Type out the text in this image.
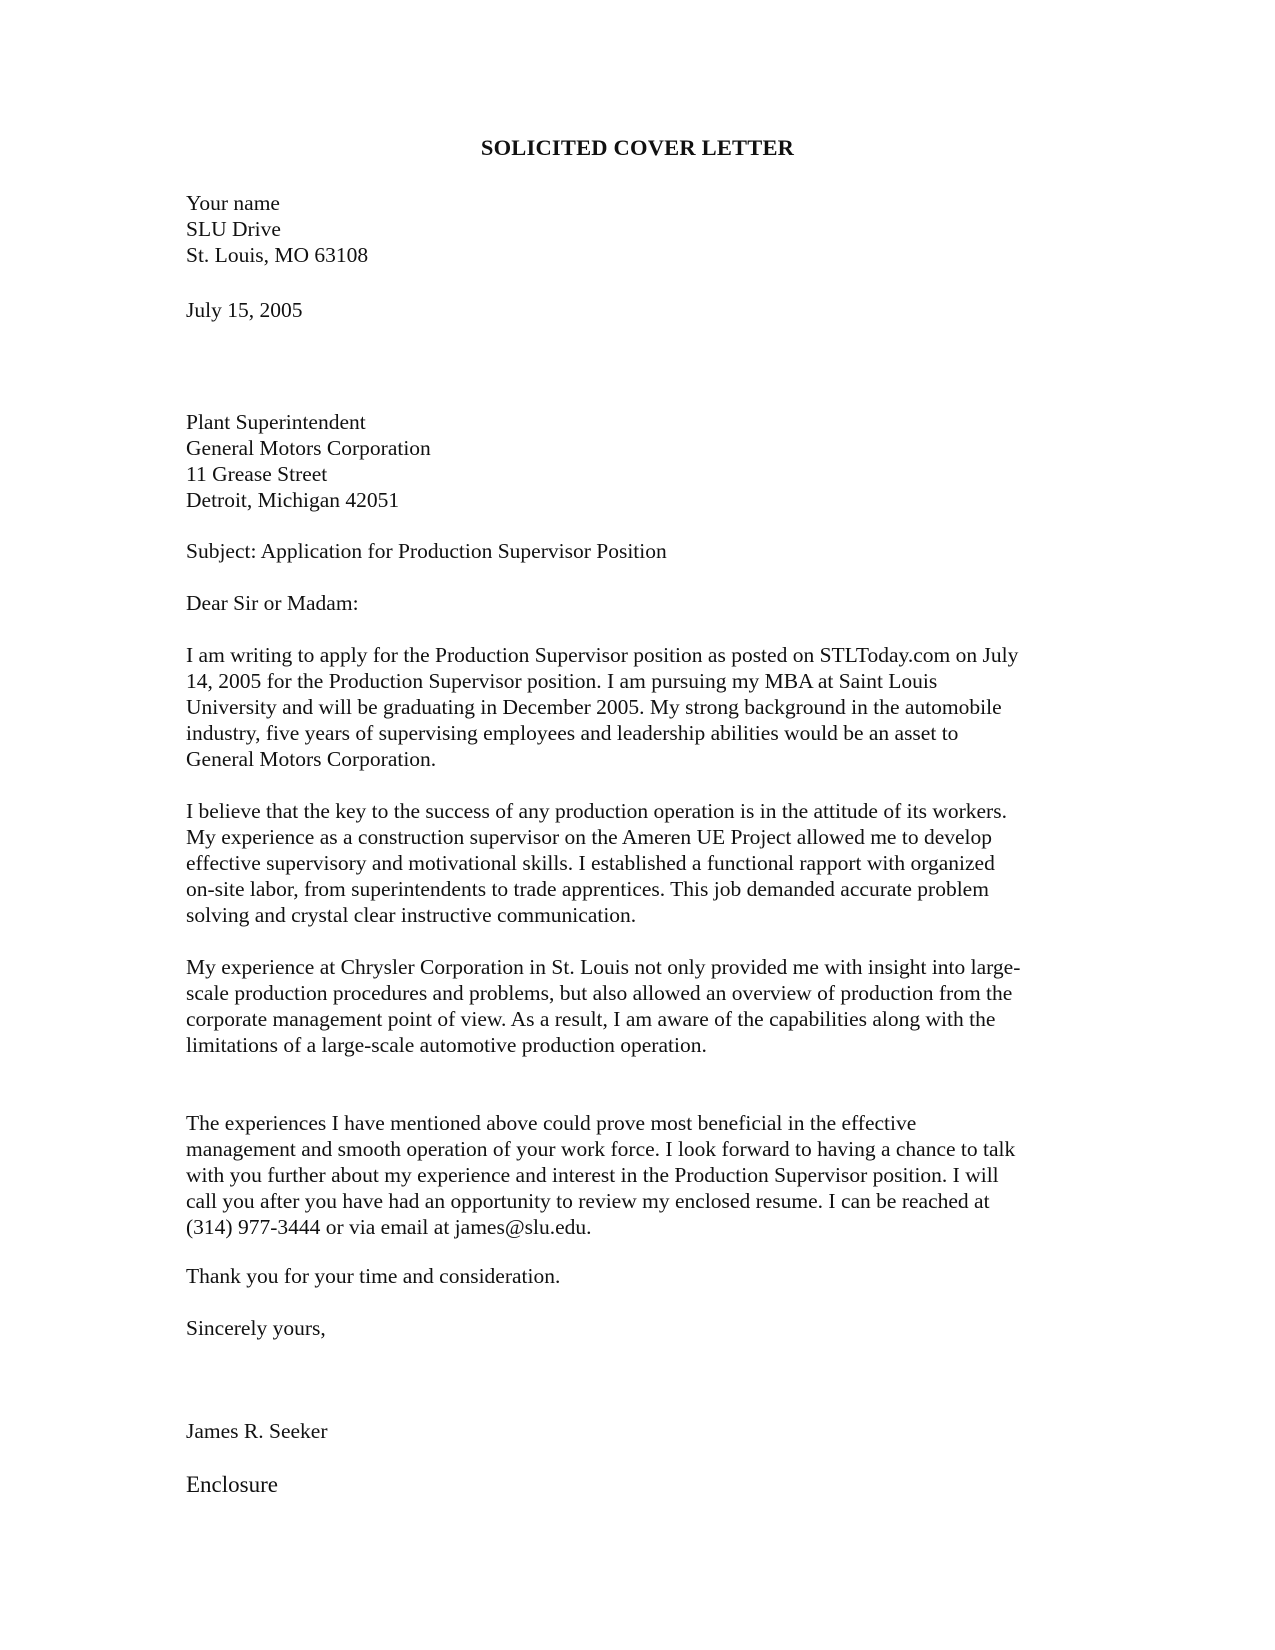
SOLICITED COVER LETTER
Your name
SLU Drive
St. Louis, MO 63108
July 15, 2005
Plant Superintendent
General Motors Corporation
11 Grease Street
Detroit, Michigan 42051
Subject: Application for Production Supervisor Position
Dear Sir or Madam:
I am writing to apply for the Production Supervisor position as posted on STLToday.com on July
14, 2005 for the Production Supervisor position. I am pursuing my MBA at Saint Louis
University and will be graduating in December 2005. My strong background in the automobile
industry, five years of supervising employees and leadership abilities would be an asset to
General Motors Corporation.
I believe that the key to the success of any production operation is in the attitude of its workers.
My experience as a construction supervisor on the Ameren UE Project allowed me to develop
effective supervisory and motivational skills. I established a functional rapport with organized
on-site labor, from superintendents to trade apprentices. This job demanded accurate problem
solving and crystal clear instructive communication.
My experience at Chrysler Corporation in St. Louis not only provided me with insight into large-
scale production procedures and problems, but also allowed an overview of production from the
corporate management point of view. As a result, I am aware of the capabilities along with the
limitations of a large-scale automotive production operation.
The experiences I have mentioned above could prove most beneficial in the effective
management and smooth operation of your work force. I look forward to having a chance to talk
with you further about my experience and interest in the Production Supervisor position. I will
call you after you have had an opportunity to review my enclosed resume. I can be reached at
(314) 977-3444 or via email at james@slu.edu.
Thank you for your time and consideration.
Sincerely yours,
James R. Seeker
Enclosure
